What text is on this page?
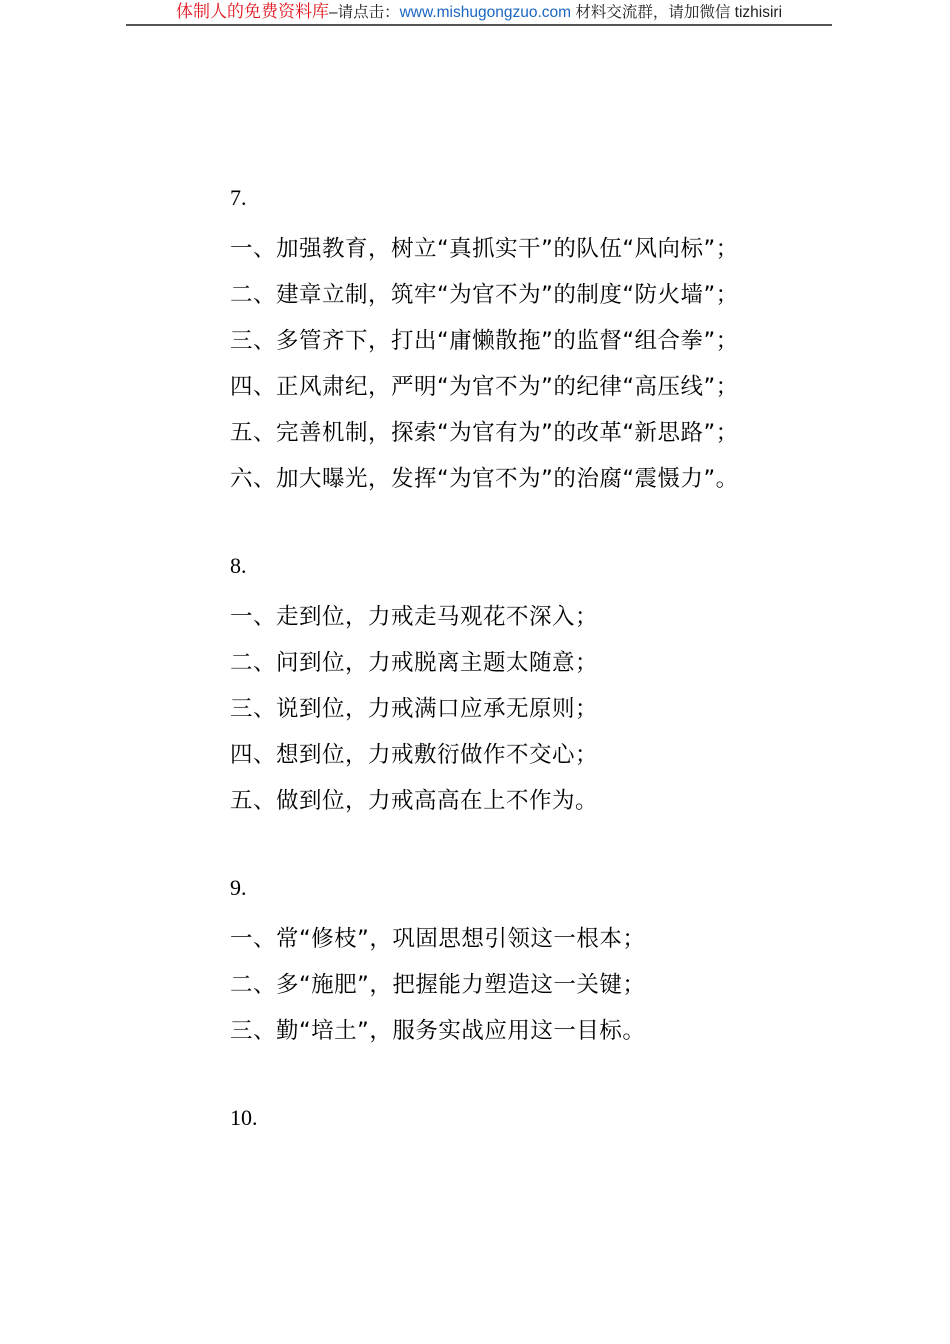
体制人的免费资料库–请点击：www.mishugongzuo.com 材料交流群，请加微信 tizhisiri
7.
一、加强教育，树立“真抓实干”的队伍“风向标”；
二、建章立制，筑牢“为官不为”的制度“防火墙”；
三、多管齐下，打出“庸懒散拖”的监督“组合拳”；
四、正风肃纪，严明“为官不为”的纪律“高压线”；
五、完善机制，探索“为官有为”的改革“新思路”；
六、加大曝光，发挥“为官不为”的治腐“震慑力”。
8.
一、走到位，力戒走马观花不深入；
二、问到位，力戒脱离主题太随意；
三、说到位，力戒满口应承无原则；
四、想到位，力戒敷衍做作不交心；
五、做到位，力戒高高在上不作为。
9.
一、常“修枝”，巩固思想引领这一根本；
二、多“施肥”，把握能力塑造这一关键；
三、勤“培土”，服务实战应用这一目标。
10.
